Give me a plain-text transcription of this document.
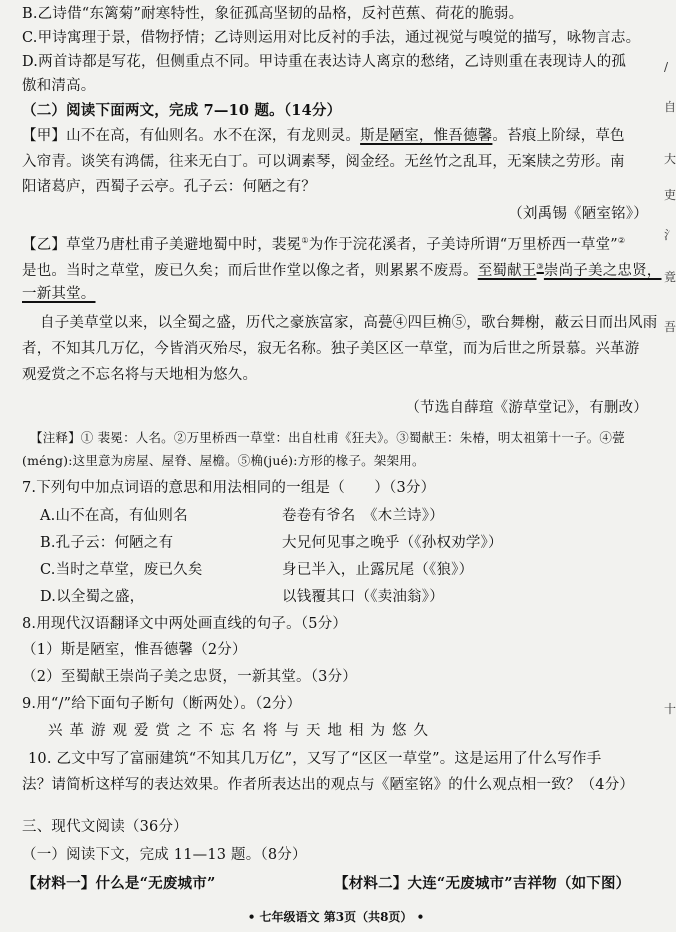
B.乙诗借“东篱菊”耐寒特性，象征孤高坚韧的品格，反衬芭蕉、荷花的脆弱。
C.甲诗寓理于景，借物抒情；乙诗则运用对比反衬的手法，通过视觉与嗅觉的描写，咏物言志。
D.两首诗都是写花，但侧重点不同。甲诗重在表达诗人离京的愁绪，乙诗则重在表现诗人的孤
傲和清高。
（二）阅读下面两文，完成 7—10 题。（14分）
【甲】山不在高，有仙则名。水不在深，有龙则灵。斯是陋室，惟吾德馨。苔痕上阶绿，草色
入帘青。谈笑有鸿儒，往来无白丁。可以调素琴，阅金经。无丝竹之乱耳，无案牍之劳形。南
阳诸葛庐，西蜀子云亭。孔子云：何陋之有？
（刘禹锡《陋室铭》）
【乙】草堂乃唐杜甫子美避地蜀中时，裴冕①为作于浣花溪者，子美诗所谓“万里桥西一草堂”②
是也。当时之草堂，废已久矣；而后世作堂以像之者，则累累不废焉。至蜀献王③崇尚子美之忠贤，
一新其堂。
自子美草堂以来，以全蜀之盛，历代之豪族富家，高甍④四巨桷⑤，歌台舞榭，蔽云日而出风雨
者，不知其几万亿，今皆消灭殆尽，寂无名称。独子美区区一草堂，而为后世之所景慕。兴革游
观爱赏之不忘名将与天地相为悠久。
（节选自薛瑄《游草堂记》，有删改）
【注释】① 裴冕：人名。②万里桥西一草堂：出自杜甫《狂夫》。③蜀献王：朱椿，明太祖第十一子。④甍
(méng):这里意为房屋、屋脊、屋檐。⑤桷(jué):方形的椽子。架架用。
7.下列句中加点词语的意思和用法相同的一组是（　　）（3分）
A.山不在高，有仙则名	卷卷有爷名　《木兰诗》）
B.孔子云：何陋之有	大兄何见事之晚乎（《孙权劝学》）
C.当时之草堂，废已久矣	身已半入，止露尻尾（《狼》）
D.以全蜀之盛，	以钱覆其口（《卖油翁》）
8.用现代汉语翻译文中两处画直线的句子。（5分）
（1）斯是陋室，惟吾德馨（2分）
（2）至蜀献王崇尚子美之忠贤，一新其堂。（3分）
9.用“/”给下面句子断句（断两处）。（2分）
兴革游观爱赏之不忘名将与天地相为悠久
10. 乙文中写了富丽建筑“不知其几万亿”，又写了“区区一草堂”。这是运用了什么写作手
法？请简析这样写的表达效果。作者所表达出的观点与《陋室铭》的什么观点相一致？（4分）
三、现代文阅读（36分）
（一）阅读下文，完成 11—13 题。（8分）
【材料一】什么是“无废城市”	【材料二】大连“无废城市”吉祥物（如下图）
• 七年级语文 第3页（共8页） •
/
自
大
吏
氵
竟
吾
十
